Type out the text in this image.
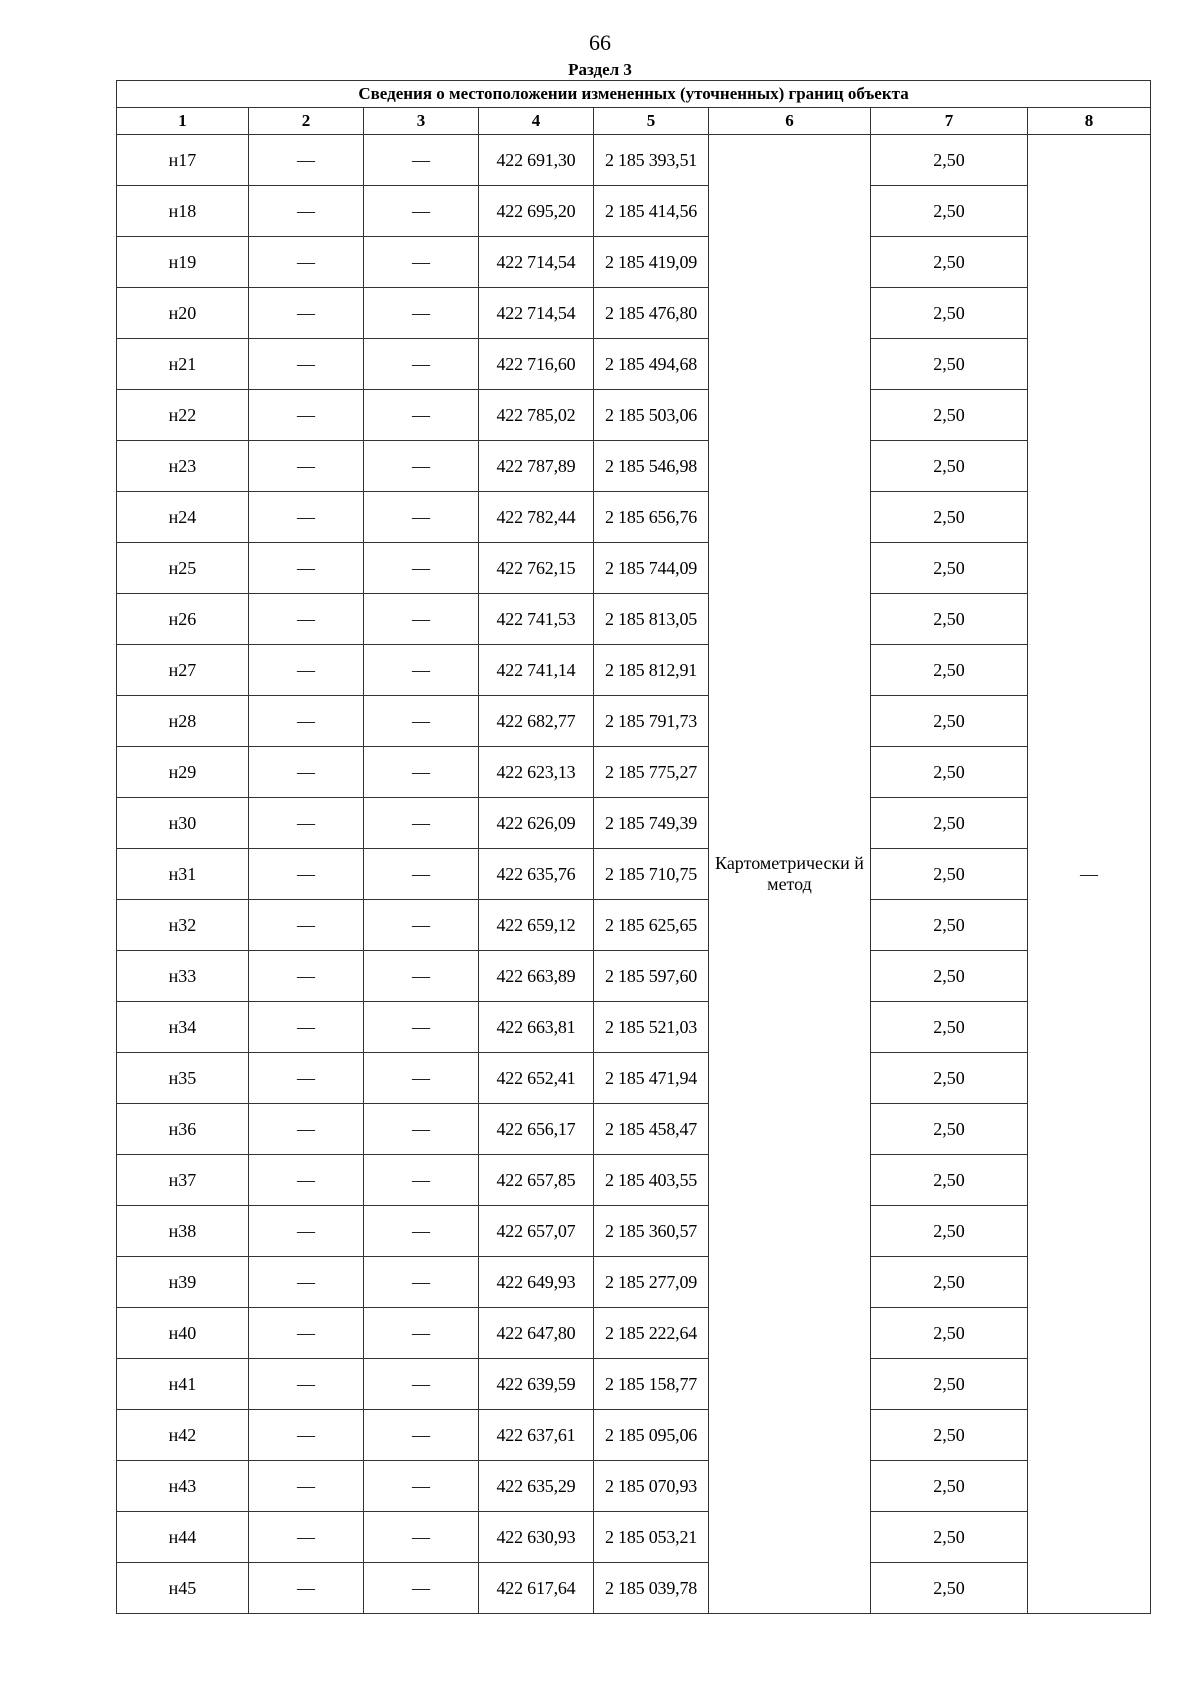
66
Раздел 3
Сведения о местоположении измененных (уточненных) границ объекта							
1	2	3	4	5	6	7	8
н17	—	—	422 691,30	2 185 393,51	Картометрически й метод	2,50	—
н18	—	—	422 695,20	2 185 414,56		2,50	
н19	—	—	422 714,54	2 185 419,09		2,50	
н20	—	—	422 714,54	2 185 476,80		2,50	
н21	—	—	422 716,60	2 185 494,68		2,50	
н22	—	—	422 785,02	2 185 503,06		2,50	
н23	—	—	422 787,89	2 185 546,98		2,50	
н24	—	—	422 782,44	2 185 656,76		2,50	
н25	—	—	422 762,15	2 185 744,09		2,50	
н26	—	—	422 741,53	2 185 813,05		2,50	
н27	—	—	422 741,14	2 185 812,91		2,50	
н28	—	—	422 682,77	2 185 791,73		2,50	
н29	—	—	422 623,13	2 185 775,27		2,50	
н30	—	—	422 626,09	2 185 749,39		2,50	
н31	—	—	422 635,76	2 185 710,75		2,50	
н32	—	—	422 659,12	2 185 625,65		2,50	
н33	—	—	422 663,89	2 185 597,60		2,50	
н34	—	—	422 663,81	2 185 521,03		2,50	
н35	—	—	422 652,41	2 185 471,94		2,50	
н36	—	—	422 656,17	2 185 458,47		2,50	
н37	—	—	422 657,85	2 185 403,55		2,50	
н38	—	—	422 657,07	2 185 360,57		2,50	
н39	—	—	422 649,93	2 185 277,09		2,50	
н40	—	—	422 647,80	2 185 222,64		2,50	
н41	—	—	422 639,59	2 185 158,77		2,50	
н42	—	—	422 637,61	2 185 095,06		2,50	
н43	—	—	422 635,29	2 185 070,93		2,50	
н44	—	—	422 630,93	2 185 053,21		2,50	
н45	—	—	422 617,64	2 185 039,78		2,50	
